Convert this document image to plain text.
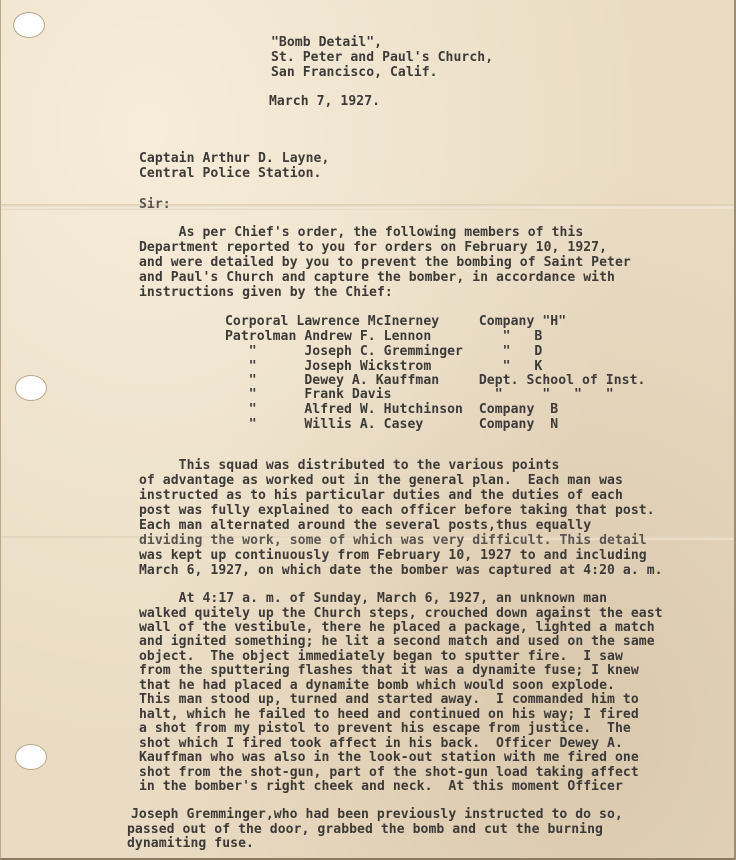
"Bomb Detail",
St. Peter and Paul's Church,
San Francisco, Calif.
March 7, 1927.
Captain Arthur D. Layne,
Central Police Station.
Sir:
As per Chief's order, the following members of this
Department reported to you for orders on February 10, 1927,
and were detailed by you to prevent the bombing of Saint Peter
and Paul's Church and capture the bomber, in accordance with
instructions given by the Chief:
Corporal Lawrence McInerney     Company "H"
Patrolman Andrew F. Lennon         "   B
"      Joseph C. Gremminger     "   D
"      Joseph Wickstrom         "   K
"      Dewey A. Kauffman     Dept. School of Inst.
"      Frank Davis             "     "   "   "
"      Alfred W. Hutchinson  Company  B
"      Willis A. Casey       Company  N
This squad was distributed to the various points
of advantage as worked out in the general plan.  Each man was
instructed as to his particular duties and the duties of each
post was fully explained to each officer before taking that post.
Each man alternated around the several posts,thus equally
dividing the work, some of which was very difficult. This detail
was kept up continuously from February 10, 1927 to and including
March 6, 1927, on which date the bomber was captured at 4:20 a. m.
At 4:17 a. m. of Sunday, March 6, 1927, an unknown man
walked quitely up the Church steps, crouched down against the east
wall of the vestibule, there he placed a package, lighted a match
and ignited something; he lit a second match and used on the same
object.  The object immediately began to sputter fire.  I saw
from the sputtering flashes that it was a dynamite fuse; I knew
that he had placed a dynamite bomb which would soon explode.
This man stood up, turned and started away.  I commanded him to
halt, which he failed to heed and continued on his way; I fired
a shot from my pistol to prevent his escape from justice.  The
shot which I fired took affect in his back.  Officer Dewey A.
Kauffman who was also in the look-out station with me fired one
shot from the shot-gun, part of the shot-gun load taking affect
in the bomber's right cheek and neck.  At this moment Officer
Joseph Gremminger,who had been previously instructed to do so,
passed out of the door, grabbed the bomb and cut the burning
dynamiting fuse.
